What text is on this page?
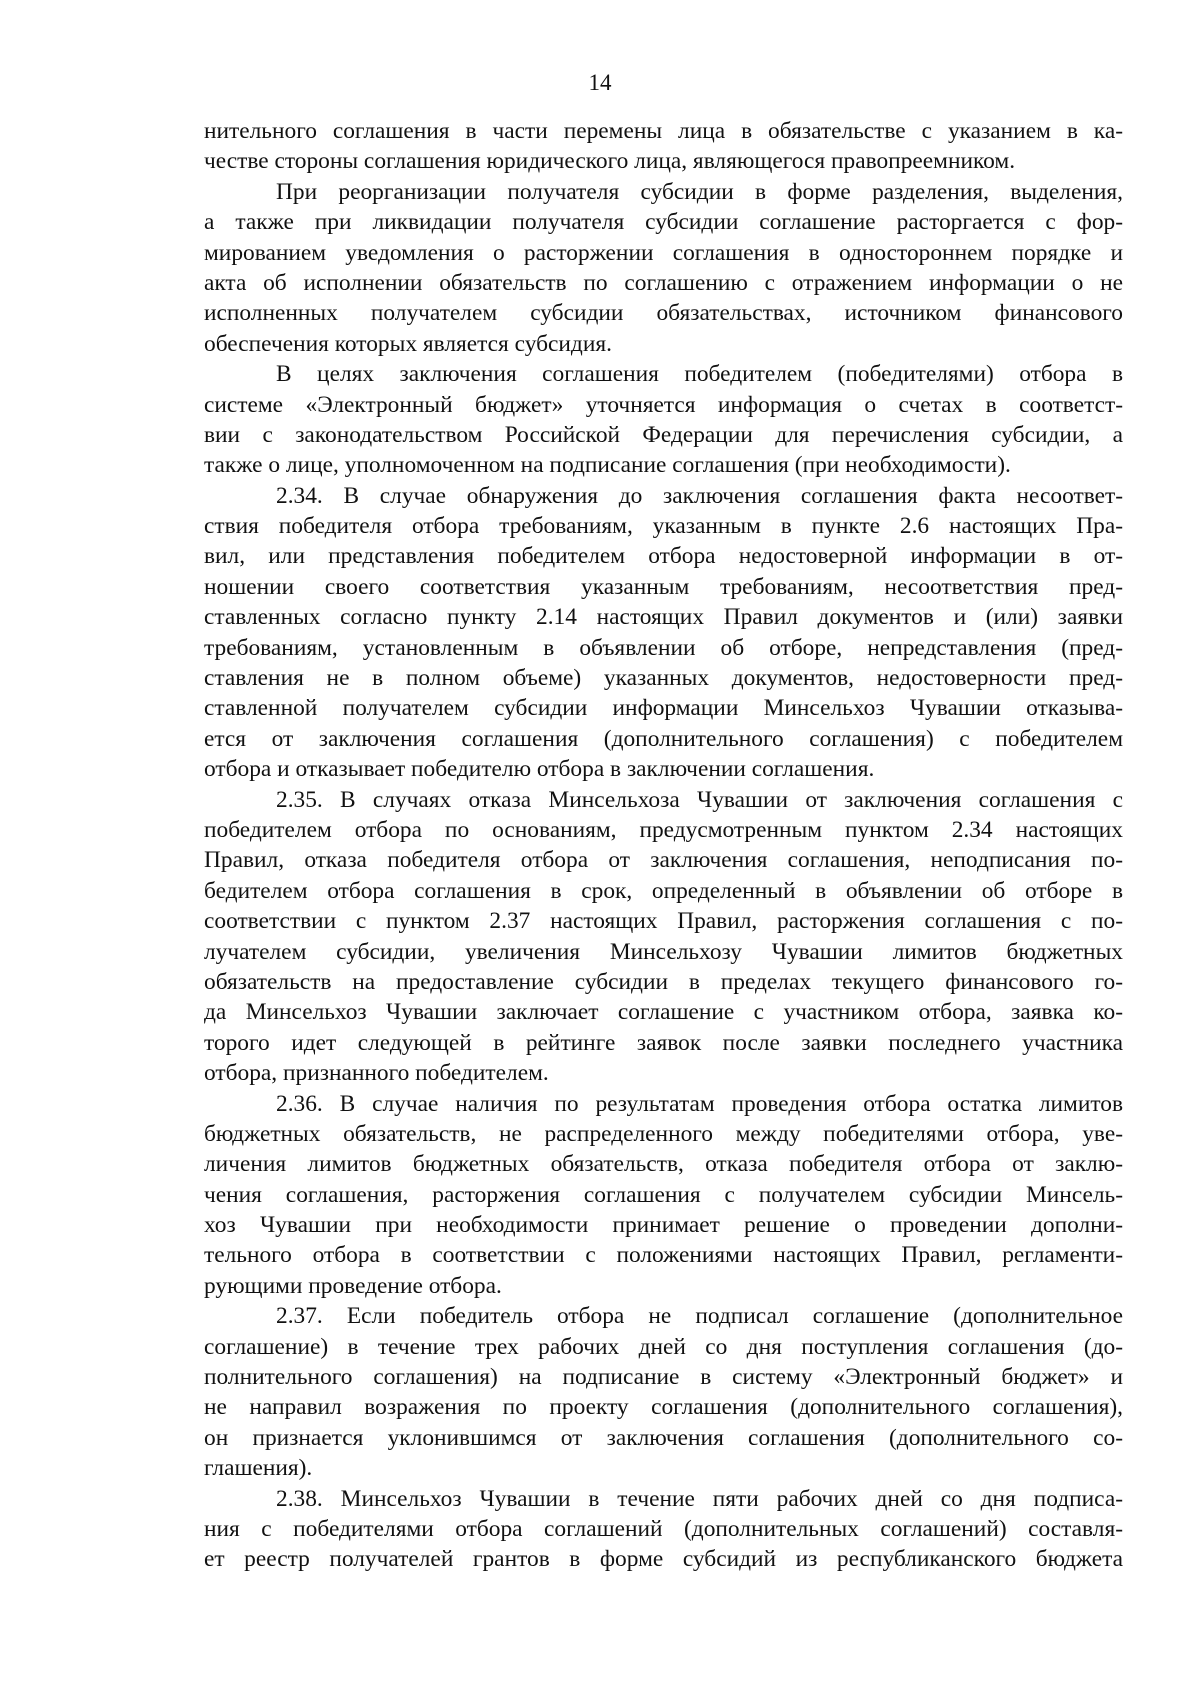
14
нительного соглашения в части перемены лица в обязательстве с указанием в ка-
честве стороны соглашения юридического лица, являющегося правопреемником.
При реорганизации получателя субсидии в форме разделения, выделения,
а также при ликвидации получателя субсидии соглашение расторгается с фор-
мированием уведомления о расторжении соглашения в одностороннем порядке и
акта об исполнении обязательств по соглашению с отражением информации о не
исполненных получателем субсидии обязательствах, источником финансового
обеспечения которых является субсидия.
В целях заключения соглашения победителем (победителями) отбора в
системе «Электронный бюджет» уточняется информация о счетах в соответст-
вии с законодательством Российской Федерации для перечисления субсидии, а
также о лице, уполномоченном на подписание соглашения (при необходимости).
2.34. В случае обнаружения до заключения соглашения факта несоответ-
ствия победителя отбора требованиям, указанным в пункте 2.6 настоящих Пра-
вил, или представления победителем отбора недостоверной информации в от-
ношении своего соответствия указанным требованиям, несоответствия пред-
ставленных согласно пункту 2.14 настоящих Правил документов и (или) заявки
требованиям, установленным в объявлении об отборе, непредставления (пред-
ставления не в полном объеме) указанных документов, недостоверности пред-
ставленной получателем субсидии информации Минсельхоз Чувашии отказыва-
ется от заключения соглашения (дополнительного соглашения) с победителем
отбора и отказывает победителю отбора в заключении соглашения.
2.35. В случаях отказа Минсельхоза Чувашии от заключения соглашения с
победителем отбора по основаниям, предусмотренным пунктом 2.34 настоящих
Правил, отказа победителя отбора от заключения соглашения, неподписания по-
бедителем отбора соглашения в срок, определенный в объявлении об отборе в
соответствии с пунктом 2.37 настоящих Правил, расторжения соглашения с по-
лучателем субсидии, увеличения Минсельхозу Чувашии лимитов бюджетных
обязательств на предоставление субсидии в пределах текущего финансового го-
да Минсельхоз Чувашии заключает соглашение с участником отбора, заявка ко-
торого идет следующей в рейтинге заявок после заявки последнего участника
отбора, признанного победителем.
2.36. В случае наличия по результатам проведения отбора остатка лимитов
бюджетных обязательств, не распределенного между победителями отбора, уве-
личения лимитов бюджетных обязательств, отказа победителя отбора от заклю-
чения соглашения, расторжения соглашения с получателем субсидии Минсель-
хоз Чувашии при необходимости принимает решение о проведении дополни-
тельного отбора в соответствии с положениями настоящих Правил, регламенти-
рующими проведение отбора.
2.37. Если победитель отбора не подписал соглашение (дополнительное
соглашение) в течение трех рабочих дней со дня поступления соглашения (до-
полнительного соглашения) на подписание в систему «Электронный бюджет» и
не направил возражения по проекту соглашения (дополнительного соглашения),
он признается уклонившимся от заключения соглашения (дополнительного со-
глашения).
2.38. Минсельхоз Чувашии в течение пяти рабочих дней со дня подписа-
ния с победителями отбора соглашений (дополнительных соглашений) составля-
ет реестр получателей грантов в форме субсидий из республиканского бюджета
